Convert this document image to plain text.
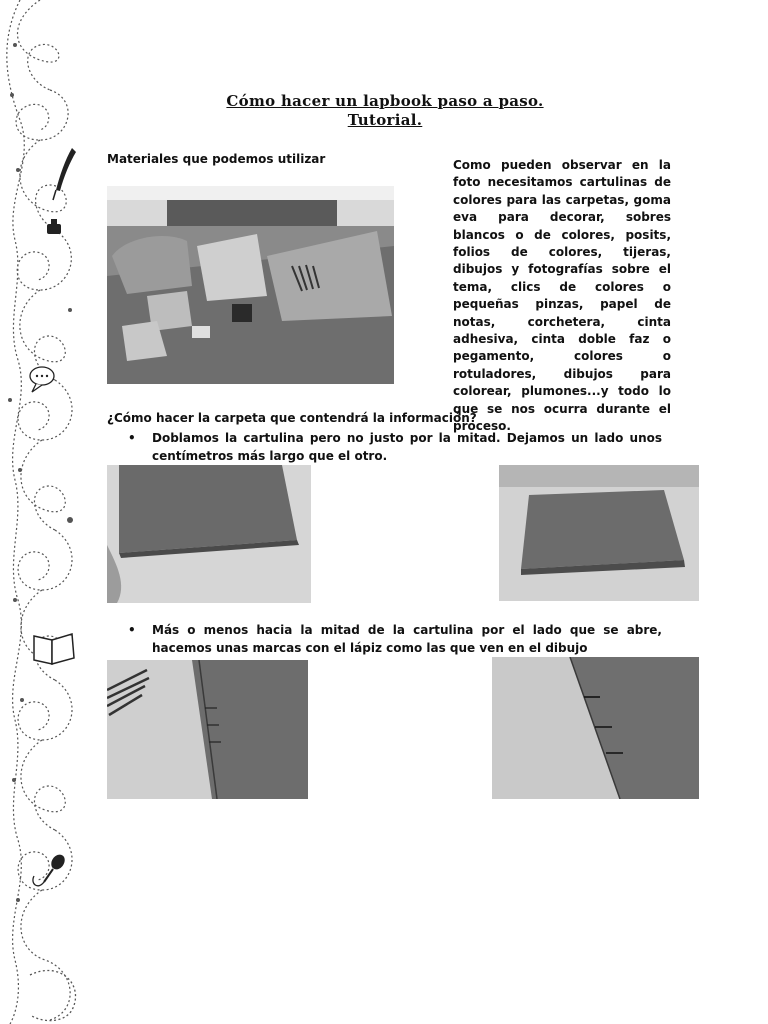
Cómo hacer un lapbook paso a paso.
Tutorial.
Materiales que podemos utilizar	Como pueden observar en la foto necesitamos cartulinas de colores para las carpetas, goma eva para decorar, sobres blancos o de colores, posits, folios de colores, tijeras, dibujos y fotografías sobre el tema, clics de colores o pequeñas pinzas, papel de notas, corchetera, cinta adhesiva, cinta doble faz o pegamento, colores o rotuladores, dibujos para colorear, plumones...y todo lo que se nos ocurra durante el proceso.
¿Cómo hacer la carpeta que contendrá la información?
• Doblamos la cartulina pero no justo por la mitad. Dejamos un lado unos centímetros más largo que el otro.
• Más o menos hacia la mitad de la cartulina por el lado que se abre, hacemos unas marcas con el lápiz como las que ven en el dibujo
